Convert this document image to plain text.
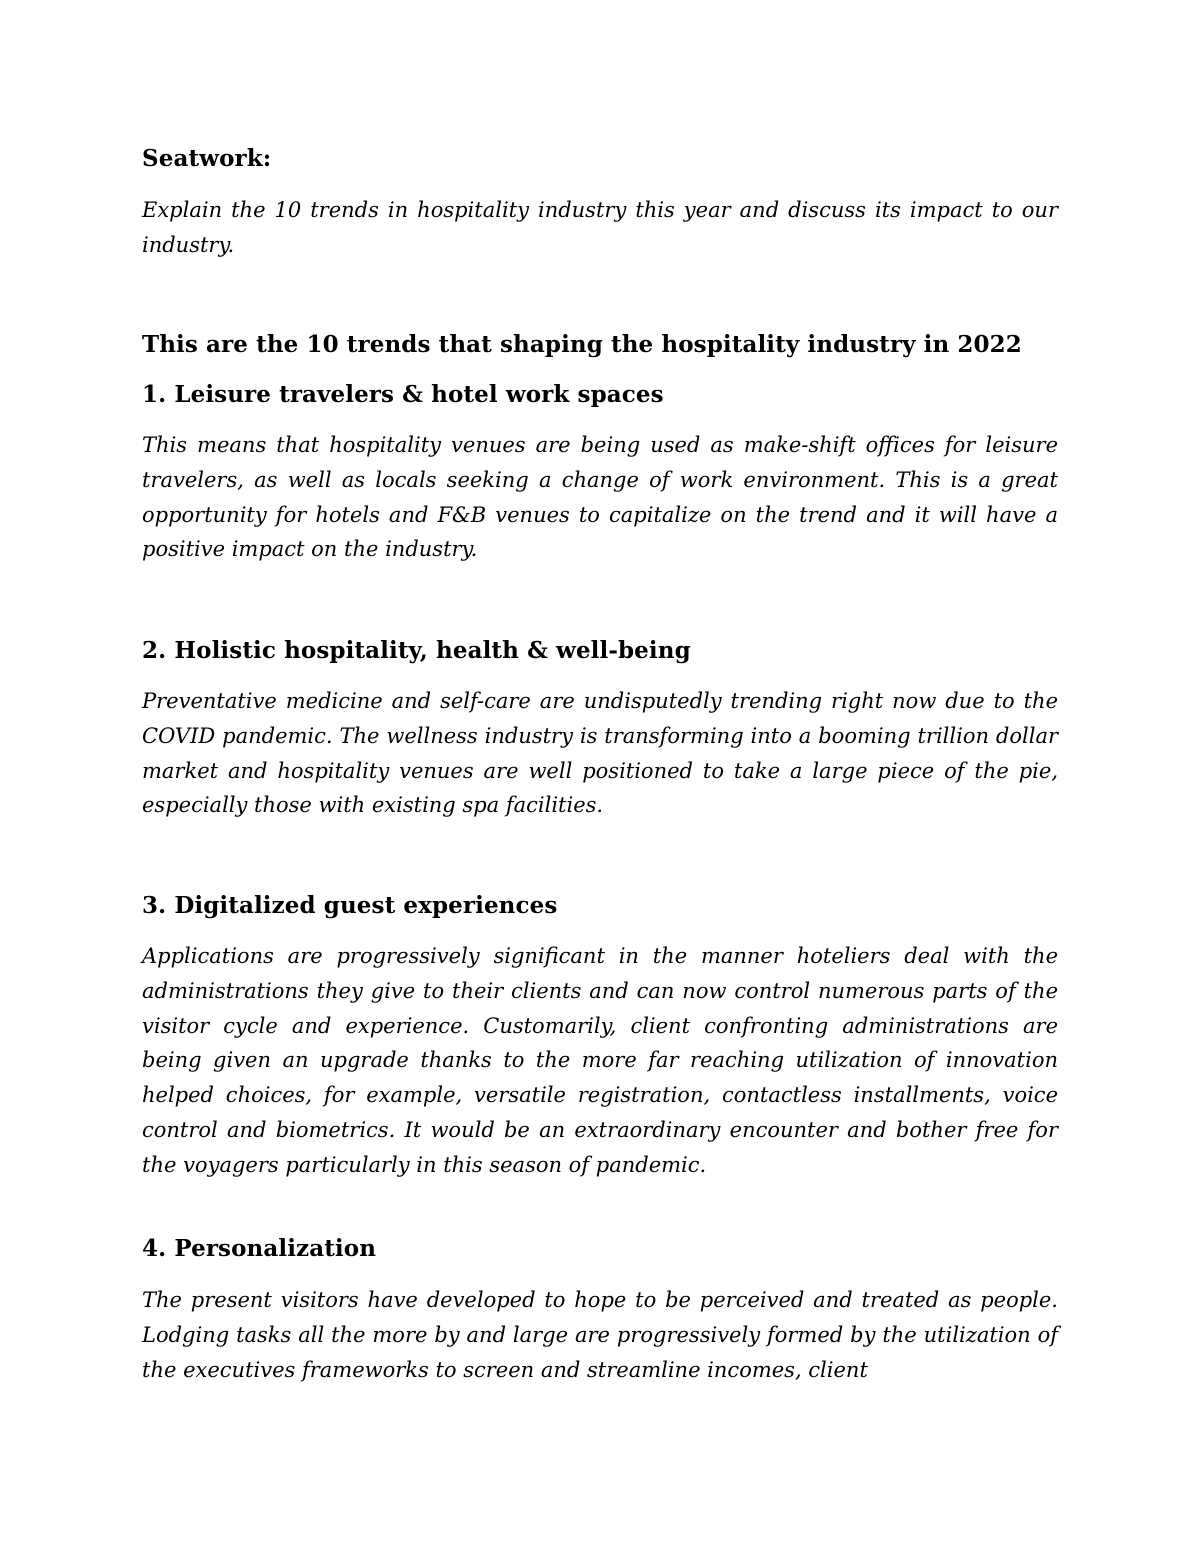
Seatwork:

Explain the 10 trends in hospitality industry this year and discuss its impact to our industry.

This are the 10 trends that shaping the hospitality industry in 2022

1. Leisure travelers & hotel work spaces

This means that hospitality venues are being used as make-shift offices for leisure travelers, as well as locals seeking a change of work environment. This is a great opportunity for hotels and F&B venues to capitalize on the trend and it will have a positive impact on the industry.

2. Holistic hospitality, health & well-being

Preventative medicine and self-care are undisputedly trending right now due to the COVID pandemic. The wellness industry is transforming into a booming trillion dollar market and hospitality venues are well positioned to take a large piece of the pie, especially those with existing spa facilities.

3. Digitalized guest experiences

Applications are progressively significant in the manner hoteliers deal with the administrations they give to their clients and can now control numerous parts of the visitor cycle and experience. Customarily, client confronting administrations are being given an upgrade thanks to the more far reaching utilization of innovation helped choices, for example, versatile registration, contactless installments, voice control and biometrics. It would be an extraordinary encounter and bother free for the voyagers particularly in this season of pandemic.

4. Personalization

The present visitors have developed to hope to be perceived and treated as people. Lodging tasks all the more by and large are progressively formed by the utilization of the executives frameworks to screen and streamline incomes, client
